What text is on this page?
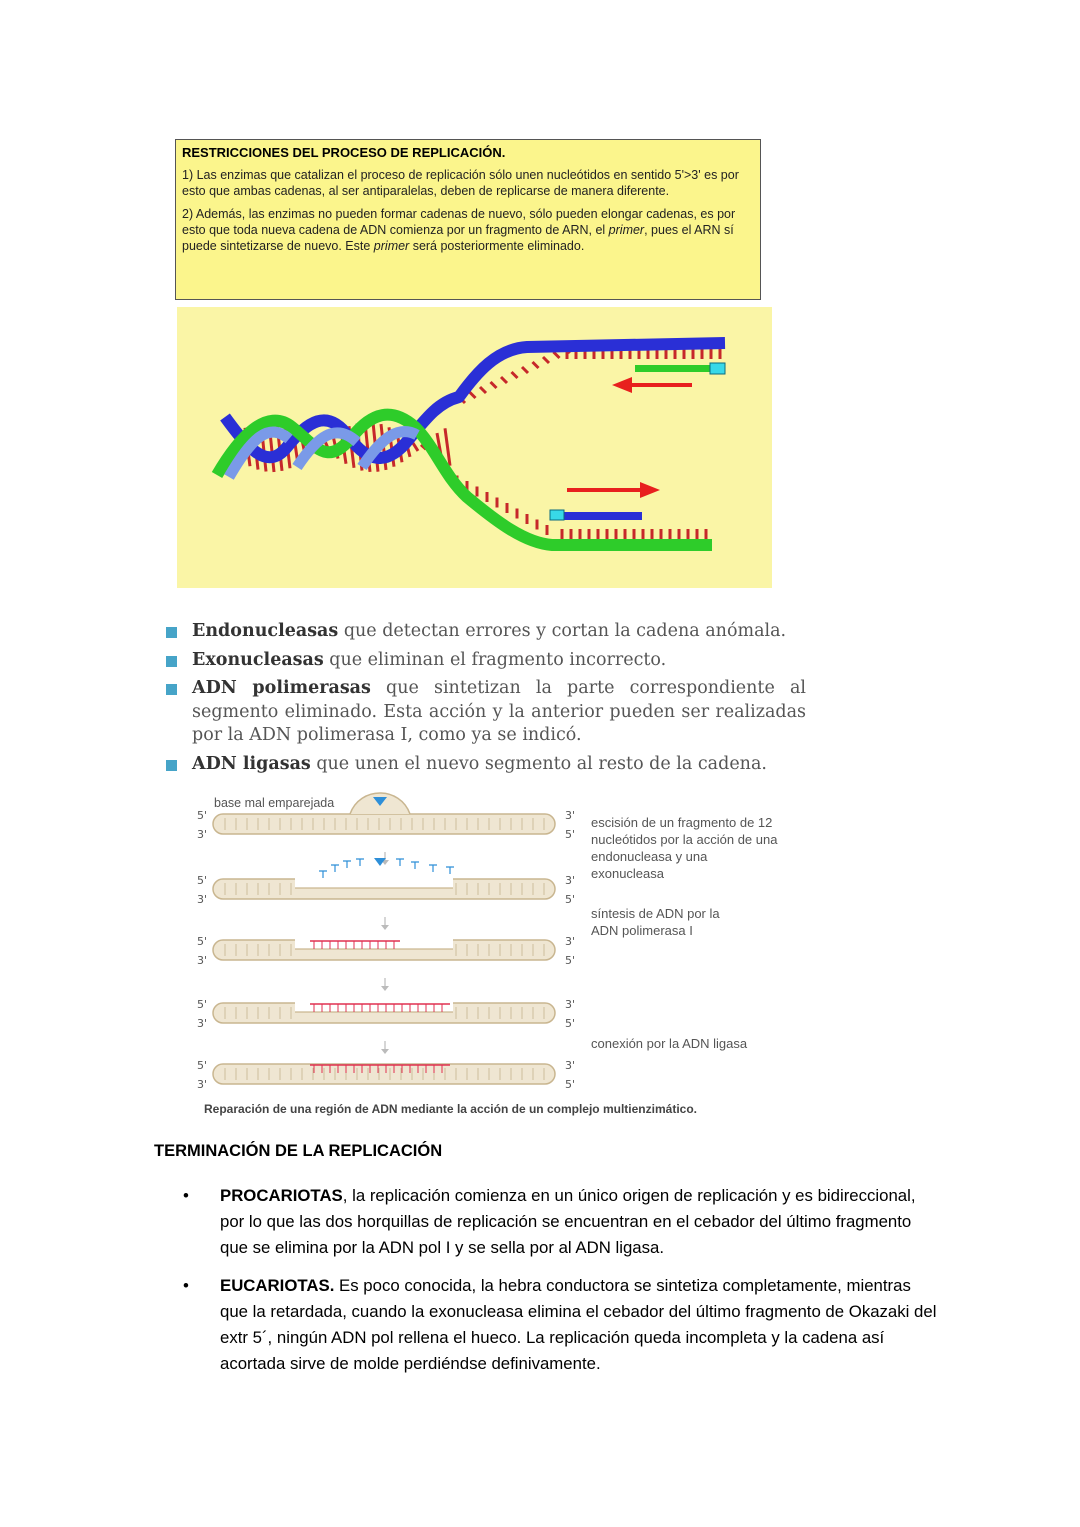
RESTRICCIONES DEL PROCESO DE REPLICACIÓN.

1) Las enzimas que catalizan el proceso de replicación sólo unen nucleótidos en sentido 5'>3' es por esto que ambas cadenas, al ser antiparalelas, deben de replicarse de manera diferente.

2) Además, las enzimas no pueden formar cadenas de nuevo, sólo pueden elongar cadenas, es por esto que toda nueva cadena de ADN comienza por un fragmento de ARN, el primer, pues el ARN sí puede sintetizarse de nuevo. Este primer será posteriormente eliminado.

Endonucleasas que detectan errores y cortan la cadena anómala.
Exonucleasas que eliminan el fragmento incorrecto.
ADN polimerasas que sintetizan la parte correspondiente al segmento eliminado. Esta acción y la anterior pueden ser realizadas por la ADN polimerasa I, como ya se indicó.
ADN ligasas que unen el nuevo segmento al resto de la cadena.
base mal emparejada
5'
3'
3'
5'
5'
3'
3'
5'
5'
3'
3'
5'
5'
3'
3'
5'
5'
3'
3'
5'
escisión de un fragmento de 12 nucleótidos por la acción de una endonucleasa y una exonucleasa
síntesis de ADN por la ADN polimerasa I
conexión por la ADN ligasa
Reparación de una región de ADN mediante la acción de un complejo multienzimático.
TERMINACIÓN DE LA REPLICACIÓN
• PROCARIOTAS, la replicación comienza en un único origen de replicación y es bidireccional, por lo que las dos horquillas de replicación se encuentran en el cebador del último fragmento que se elimina por la ADN pol I y se sella por al ADN ligasa.
• EUCARIOTAS. Es poco conocida, la hebra conductora se sintetiza completamente, mientras que la retardada, cuando la exonucleasa elimina el cebador del último fragmento de Okazaki del extr 5´, ningún ADN pol rellena el hueco. La replicación queda incompleta y la cadena así acortada sirve de molde perdiéndse definivamente.
